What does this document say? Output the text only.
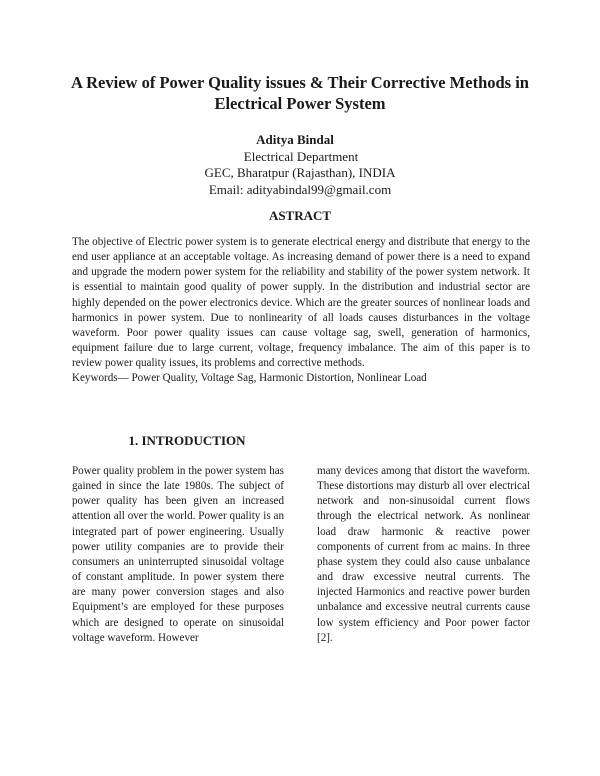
A Review of Power Quality issues & Their Corrective Methods in Electrical Power System
Aditya Bindal
Electrical Department
GEC, Bharatpur (Rajasthan), INDIA
Email: adityabindal99@gmail.com
ASTRACT

The objective of Electric power system is to generate electrical energy and distribute that energy to the end user appliance at an acceptable voltage. As increasing demand of power there is a need to expand and upgrade the modern power system for the reliability and stability of the power system network. It is essential to maintain good quality of power supply. In the distribution and industrial sector are highly depended on the power electronics device. Which are the greater sources of nonlinear loads and harmonics in power system. Due to nonlinearity of all loads causes disturbances in the voltage waveform. Poor power quality issues can cause voltage sag, swell, generation of harmonics, equipment failure due to large current, voltage, frequency imbalance. The aim of this paper is to review power quality issues, its problems and corrective methods.

Keywords— Power Quality, Voltage Sag, Harmonic Distortion, Nonlinear Load

1. INTRODUCTION

Power quality problem in the power system has gained in since the late 1980s. The subject of power quality has been given an increased attention all over the world. Power quality is an integrated part of power engineering. Usually power utility companies are to provide their consumers an uninterrupted sinusoidal voltage of constant amplitude. In power system there are many power conversion stages and also Equipment’s are employed for these purposes which are designed to operate on sinusoidal voltage waveform. However

many devices among that distort the waveform. These distortions may disturb all over electrical network and non-sinusoidal current flows through the electrical network. As nonlinear load draw harmonic & reactive power components of current from ac mains. In three phase system they could also cause unbalance and draw excessive neutral currents. The injected Harmonics and reactive power burden unbalance and excessive neutral currents cause low system efficiency and Poor power factor [2].
